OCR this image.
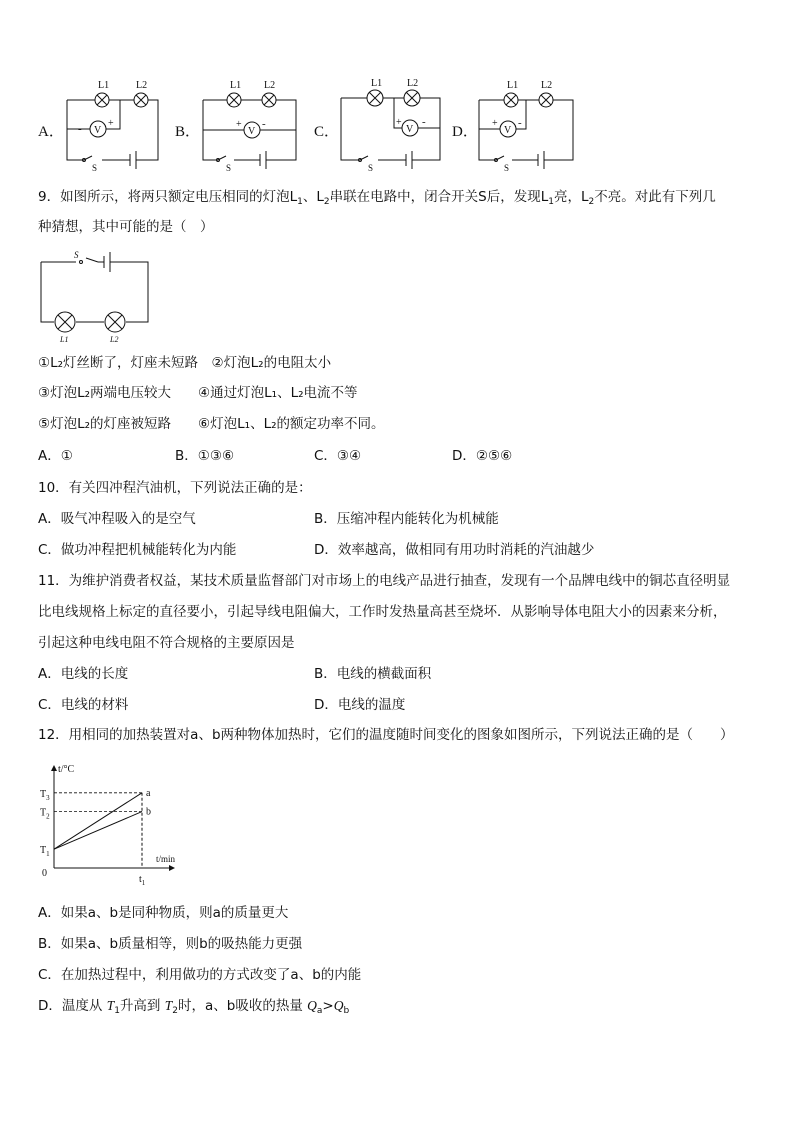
A．	B．	C．	D．
L1	L2
V
-	+
S
L1 L2
V
+ -
S
L1 L2
V
+ -
S
L1 L2
V
+ -
S
9．如图所示，将两只额定电压相同的灯泡$L_1$、$L_2$串联在电路中，闭合开关S后，发现$L_1$亮，$L_2$不亮。对此有下列几
种猜想，其中可能的是（　）
S
L1	L2
①L₂灯丝断了，灯座未短路　②灯泡L₂的电阻太小
③灯泡L₂两端电压较大　　④通过灯泡L₁、L₂电流不等
⑤灯泡L₂的灯座被短路　　⑥灯泡L₁、L₂的额定功率不同。
A．①	B．①③⑥	C．③④	D．②⑤⑥
10．有关四冲程汽油机，下列说法正确的是：
A．吸气冲程吸入的是空气	B．压缩冲程内能转化为机械能
C．做功冲程把机械能转化为内能	D．效率越高，做相同有用功时消耗的汽油越少
11．为维护消费者权益，某技术质量监督部门对市场上的电线产品进行抽查，发现有一个品牌电线中的铜芯直径明显
比电线规格上标定的直径要小，引起导线电阻偏大，工作时发热量高甚至烧坏．从影响导体电阻大小的因素来分析，
引起这种电线电阻不符合规格的主要原因是
A．电线的长度	B．电线的横截面积
C．电线的材料	D．电线的温度
12．用相同的加热装置对a、b两种物体加热时，它们的温度随时间变化的图象如图所示，下列说法正确的是（　　）
t/°C
t/min
0
$t_1$
$T_1$
$T_2$
$T_3$	a
b
A．如果a、b是同种物质，则a的质量更大
B．如果a、b质量相等，则b的吸热能力更强
C．在加热过程中，利用做功的方式改变了a、b的内能
D．温度从 $T_1$升高到 $T_2$时，a、b吸收的热量 $Q_a>Q_b$
